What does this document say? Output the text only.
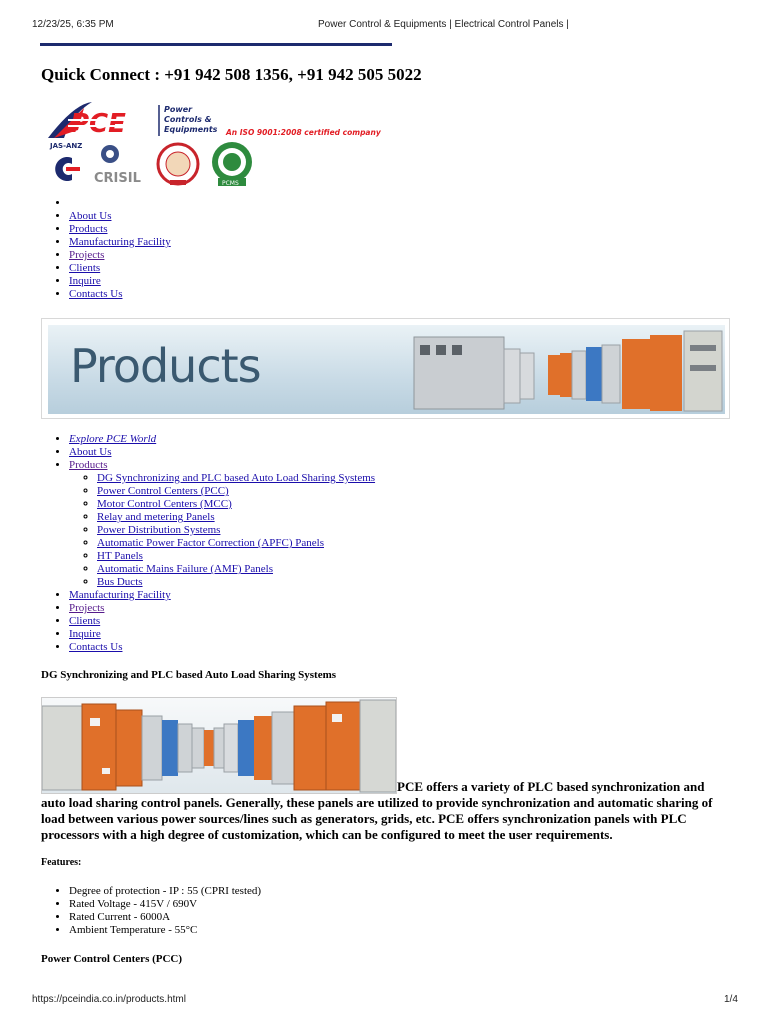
12/23/25, 6:35 PM	Power Control & Equipments | Electrical Control Panels |
Quick Connect : +91 942 508 1356, +91 942 505 5022
PCE	Power
Controls &
Equipments An ISO 9001:2008 certified company
JAS-ANZ
CRISIL	PCMS
•
• About Us
• Products
• Manufacturing Facility
• Projects
• Clients
• Inquire
• Contacts Us
Products
• Explore PCE World
• About Us
• Products
◦ DG Synchronizing and PLC based Auto Load Sharing Systems
◦ Power Control Centers (PCC)
◦ Motor Control Centers (MCC)
◦ Relay and metering Panels
◦ Power Distribution Systems
◦ Automatic Power Factor Correction (APFC) Panels
◦ HT Panels
◦ Automatic Mains Failure (AMF) Panels
◦ Bus Ducts
• Manufacturing Facility
• Projects
• Clients
• Inquire
• Contacts Us
DG Synchronizing and PLC based Auto Load Sharing Systems
PCE offers a variety of PLC based synchronization and auto load sharing control panels. Generally, these panels are utilized to provide synchronization and automatic sharing of load between various power sources/lines such as generators, grids, etc. PCE offers synchronization panels with PLC processors with a high degree of customization, which can be configured to meet the user requirements.
Features:
• Degree of protection - IP : 55 (CPRI tested)
• Rated Voltage - 415V / 690V
• Rated Current - 6000A
• Ambient Temperature - 55°C
Power Control Centers (PCC)
https://pceindia.co.in/products.html	1/4
